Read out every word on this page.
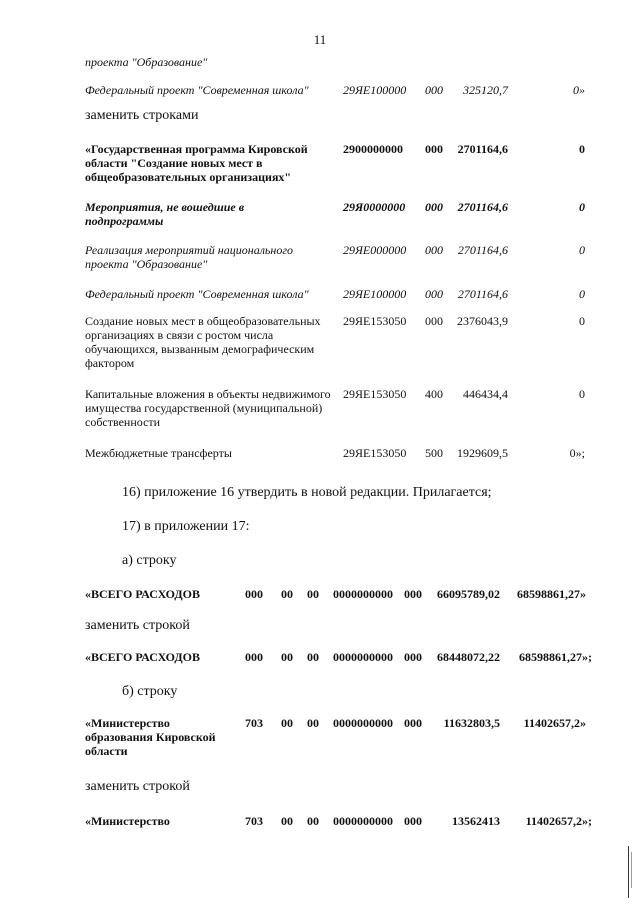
11
проекта "Образование"
Федеральный проект "Современная школа"	29ЯЕ100000 000	325120,7	0»
заменить строками
«Государственная программа Кировской области "Создание новых мест в общеобразовательных организациях"
2900000000 000	2701164,6	0
Мероприятия, не вошедшие в подпрограммы
29Я0000000 000	2701164,6	0
Реализация мероприятий национального проекта "Образование"
29ЯЕ000000 000	2701164,6	0
Федеральный проект "Современная школа"	29ЯЕ100000 000	2701164,6	0
Создание новых мест в общеобразовательных организациях в связи с ростом числа обучающихся, вызванным демографическим фактором
29ЯЕ153050 000	2376043,9	0
Капитальные вложения в объекты недвижимого имущества государственной (муниципальной) собственности
29ЯЕ153050 400	446434,4	0
Межбюджетные трансферты	29ЯЕ153050 500	1929609,5	0»;
16) приложение 16 утвердить в новой редакции. Прилагается;
17) в приложении 17:
а) строку
«ВСЕГО РАСХОДОВ	000 00 00 0000000000 000	66095789,02	68598861,27»
заменить строкой
«ВСЕГО РАСХОДОВ	000 00 00 0000000000 000	68448072,22	68598861,27»;
б) строку
«Министерство образования Кировской области
703 00 00 0000000000 000	11632803,5	11402657,2»
заменить строкой
«Министерство	703 00 00 0000000000 000	13562413	11402657,2»;
